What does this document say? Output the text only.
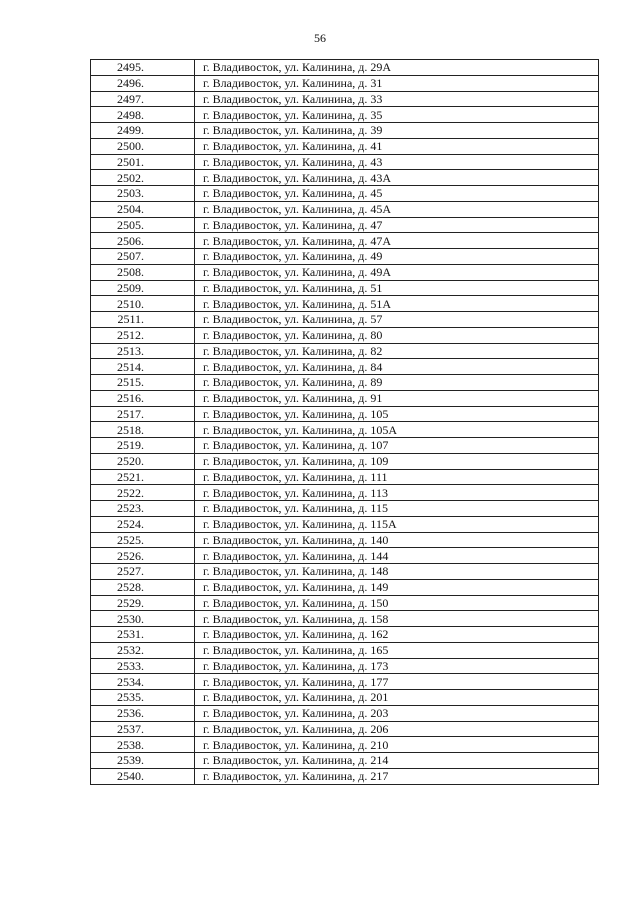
56
2495.	г. Владивосток, ул. Калинина, д. 29А
2496.	г. Владивосток, ул. Калинина, д. 31
2497.	г. Владивосток, ул. Калинина, д. 33
2498.	г. Владивосток, ул. Калинина, д. 35
2499.	г. Владивосток, ул. Калинина, д. 39
2500.	г. Владивосток, ул. Калинина, д. 41
2501.	г. Владивосток, ул. Калинина, д. 43
2502.	г. Владивосток, ул. Калинина, д. 43А
2503.	г. Владивосток, ул. Калинина, д. 45
2504.	г. Владивосток, ул. Калинина, д. 45А
2505.	г. Владивосток, ул. Калинина, д. 47
2506.	г. Владивосток, ул. Калинина, д. 47А
2507.	г. Владивосток, ул. Калинина, д. 49
2508.	г. Владивосток, ул. Калинина, д. 49А
2509.	г. Владивосток, ул. Калинина, д. 51
2510.	г. Владивосток, ул. Калинина, д. 51А
2511.	г. Владивосток, ул. Калинина, д. 57
2512.	г. Владивосток, ул. Калинина, д. 80
2513.	г. Владивосток, ул. Калинина, д. 82
2514.	г. Владивосток, ул. Калинина, д. 84
2515.	г. Владивосток, ул. Калинина, д. 89
2516.	г. Владивосток, ул. Калинина, д. 91
2517.	г. Владивосток, ул. Калинина, д. 105
2518.	г. Владивосток, ул. Калинина, д. 105А
2519.	г. Владивосток, ул. Калинина, д. 107
2520.	г. Владивосток, ул. Калинина, д. 109
2521.	г. Владивосток, ул. Калинина, д. 111
2522.	г. Владивосток, ул. Калинина, д. 113
2523.	г. Владивосток, ул. Калинина, д. 115
2524.	г. Владивосток, ул. Калинина, д. 115А
2525.	г. Владивосток, ул. Калинина, д. 140
2526.	г. Владивосток, ул. Калинина, д. 144
2527.	г. Владивосток, ул. Калинина, д. 148
2528.	г. Владивосток, ул. Калинина, д. 149
2529.	г. Владивосток, ул. Калинина, д. 150
2530.	г. Владивосток, ул. Калинина, д. 158
2531.	г. Владивосток, ул. Калинина, д. 162
2532.	г. Владивосток, ул. Калинина, д. 165
2533.	г. Владивосток, ул. Калинина, д. 173
2534.	г. Владивосток, ул. Калинина, д. 177
2535.	г. Владивосток, ул. Калинина, д. 201
2536.	г. Владивосток, ул. Калинина, д. 203
2537.	г. Владивосток, ул. Калинина, д. 206
2538.	г. Владивосток, ул. Калинина, д. 210
2539.	г. Владивосток, ул. Калинина, д. 214
2540.	г. Владивосток, ул. Калинина, д. 217
